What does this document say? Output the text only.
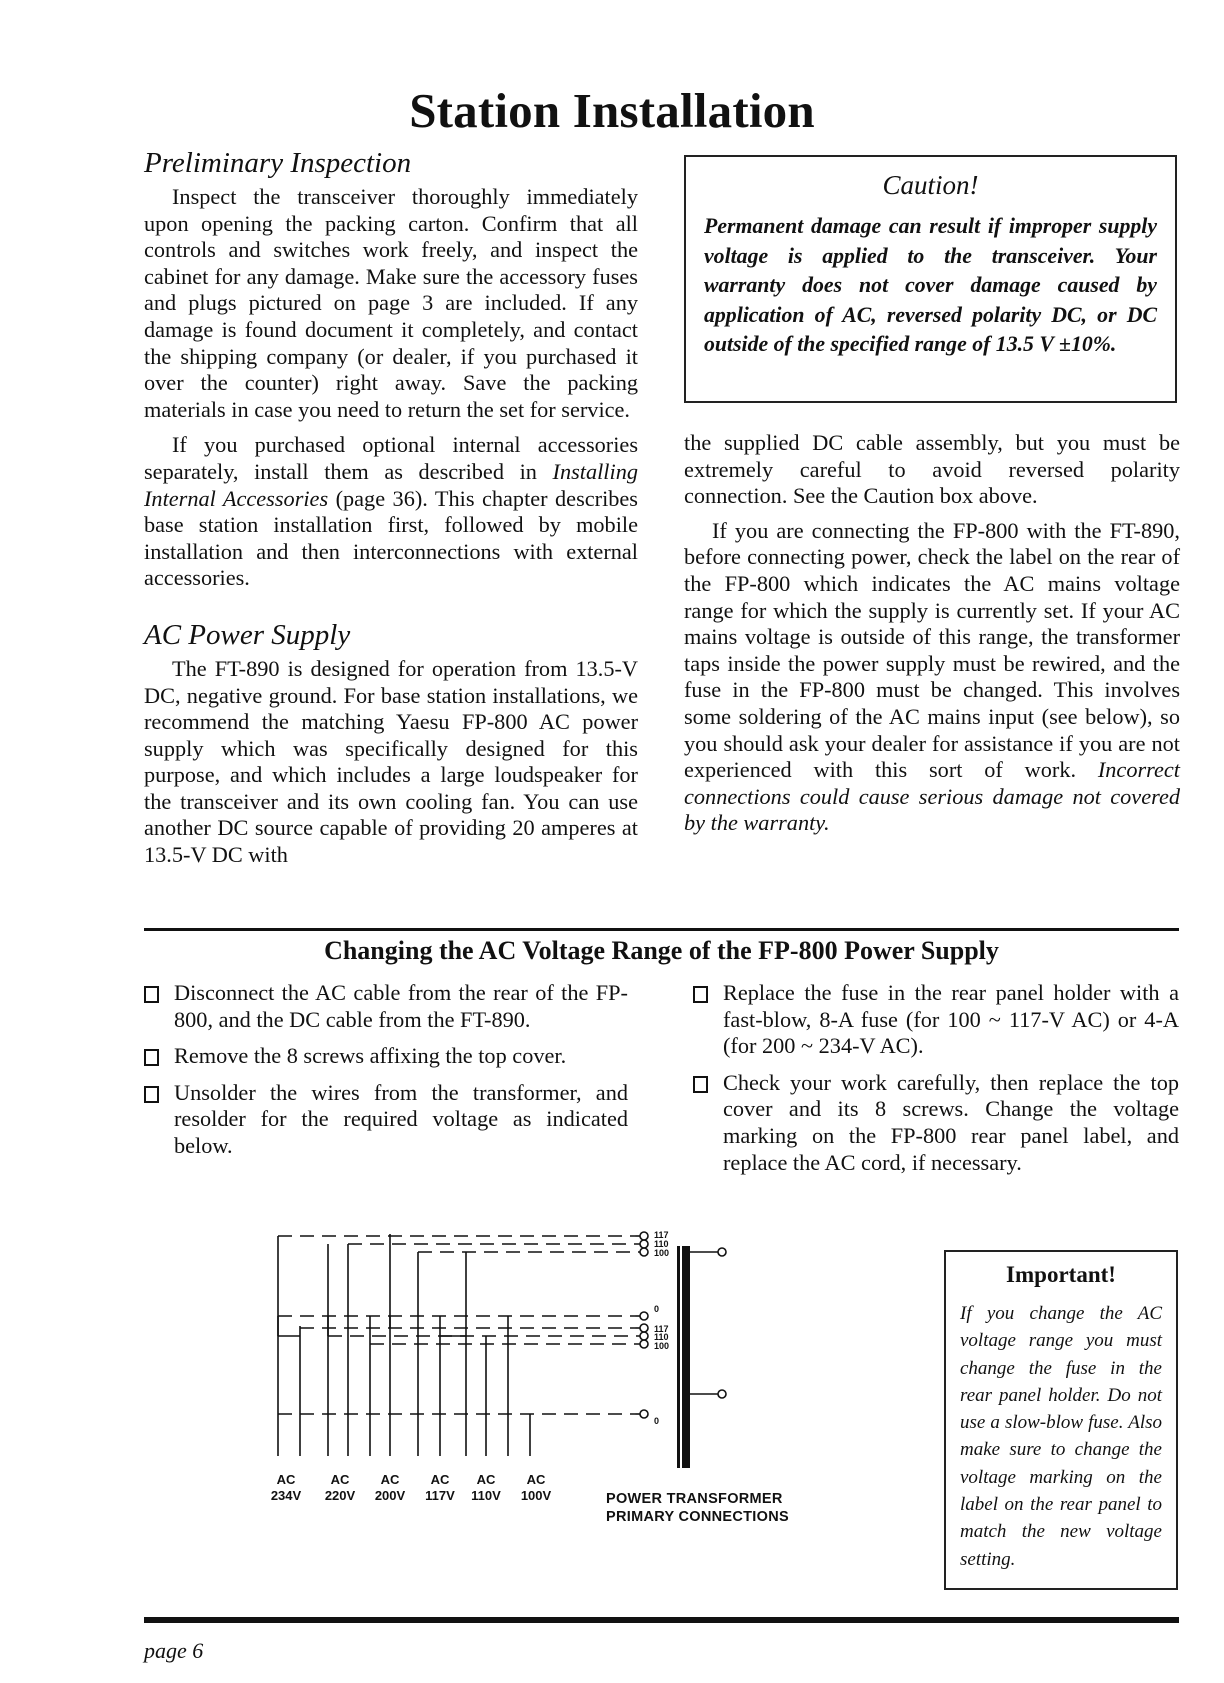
Station Installation
Preliminary Inspection

Inspect the transceiver thoroughly immediately upon opening the packing carton. Confirm that all controls and switches work freely, and inspect the cabinet for any damage. Make sure the accessory fuses and plugs pictured on page 3 are included. If any damage is found document it completely, and contact the shipping company (or dealer, if you purchased it over the counter) right away. Save the packing materials in case you need to return the set for service.

If you purchased optional internal accessories separately, install them as described in Installing Internal Accessories (page 36). This chapter describes base station installation first, followed by mobile installation and then interconnections with external accessories.

AC Power Supply

The FT-890 is designed for operation from 13.5-V DC, negative ground. For base station installations, we recommend the matching Yaesu FP-800 AC power supply which was specifically designed for this purpose, and which includes a large loudspeaker for the transceiver and its own cooling fan. You can use another DC source capable of providing 20 amperes at 13.5-V DC with

Caution!
Permanent damage can result if improper supply voltage is applied to the transceiver. Your warranty does not cover damage caused by application of AC, reversed polarity DC, or DC outside of the specified range of 13.5 V ±10%.

the supplied DC cable assembly, but you must be extremely careful to avoid reversed polarity connection. See the Caution box above.

If you are connecting the FP-800 with the FT-890, before connecting power, check the label on the rear of the FP-800 which indicates the AC mains voltage range for which the supply is currently set. If your AC mains voltage is outside of this range, the transformer taps inside the power supply must be rewired, and the fuse in the FP-800 must be changed. This involves some soldering of the AC mains input (see below), so you should ask your dealer for assistance if you are not experienced with this sort of work. Incorrect connections could cause serious damage not covered by the warranty.

Changing the AC Voltage Range of the FP-800 Power Supply
Disconnect the AC cable from the rear of the FP-800, and the DC cable from the FT-890.
Remove the 8 screws affixing the top cover.
Unsolder the wires from the transformer, and resolder for the required voltage as indicated below.
Replace the fuse in the rear panel holder with a fast-blow, 8-A fuse (for 100 ~ 117-V AC) or 4-A (for 200 ~ 234-V AC).
Check your work carefully, then replace the top cover and its 8 screws. Change the voltage marking on the FP-800 rear panel label, and replace the AC cord, if necessary.
117
110
100
0
117
110
100
0
AC
234V
AC
220V
AC
200V
AC
117V
AC
110V
AC
100V	POWER TRANSFORMER
PRIMARY CONNECTIONS
Important!
If you change the AC voltage range you must change the fuse in the rear panel holder. Do not use a slow-blow fuse. Also make sure to change the voltage marking on the label on the rear panel to match the new voltage setting.
page 6
